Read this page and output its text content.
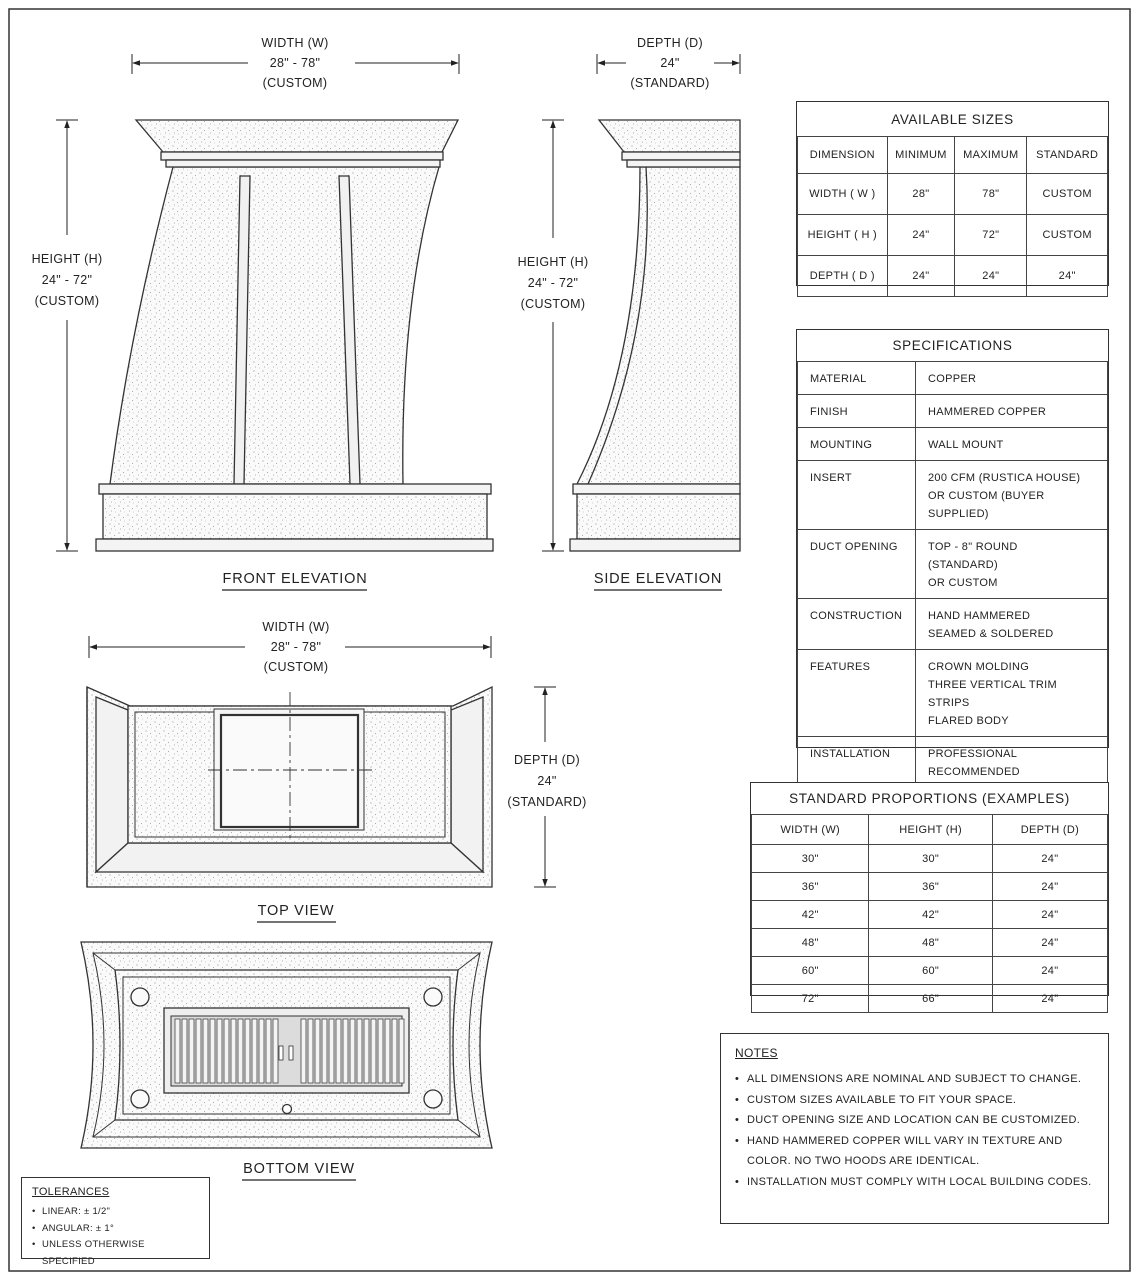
WIDTH (W)
28" - 78"
(CUSTOM)
HEIGHT (H)
24" - 72"
(CUSTOM)
FRONT ELEVATION
DEPTH (D)
24"
(STANDARD)
HEIGHT (H)
24" - 72"
(CUSTOM)
SIDE ELEVATION
WIDTH (W)
28" - 78"
(CUSTOM)
DEPTH (D)
24"
(STANDARD)
TOP VIEW
BOTTOM VIEW
AVAILABLE SIZES			
DIMENSION	MINIMUM	MAXIMUM	STANDARD
WIDTH ( W )	28"	78"	CUSTOM
HEIGHT ( H )	24"	72"	CUSTOM
DEPTH ( D )	24"	24"	24"
SPECIFICATIONS	
MATERIAL	COPPER

FINISH	HAMMERED COPPER

MOUNTING	WALL MOUNT

INSERT	200 CFM (RUSTICA HOUSE)
OR CUSTOM (BUYER SUPPLIED)

DUCT OPENING	TOP - 8" ROUND
(STANDARD)
OR CUSTOM

CONSTRUCTION	HAND HAMMERED
SEAMED & SOLDERED

FEATURES	CROWN MOLDING
THREE VERTICAL TRIM STRIPS
FLARED BODY

INSTALLATION	PROFESSIONAL
RECOMMENDED
STANDARD PROPORTIONS (EXAMPLES)		
WIDTH (W)	HEIGHT (H)	DEPTH (D)
30"	30"	24"
36"	36"	24"
42"	42"	24"
48"	48"	24"
60"	60"	24"
72"	66"	24"
NOTES
• ALL DIMENSIONS ARE NOMINAL AND SUBJECT TO CHANGE.
• CUSTOM SIZES AVAILABLE TO FIT YOUR SPACE.
• DUCT OPENING SIZE AND LOCATION CAN BE CUSTOMIZED.
• HAND HAMMERED COPPER WILL VARY IN TEXTURE AND COLOR. NO TWO HOODS ARE IDENTICAL.
• INSTALLATION MUST COMPLY WITH LOCAL BUILDING CODES.
TOLERANCES
• LINEAR: ± 1/2"
• ANGULAR: ± 1°
• UNLESS OTHERWISE SPECIFIED
